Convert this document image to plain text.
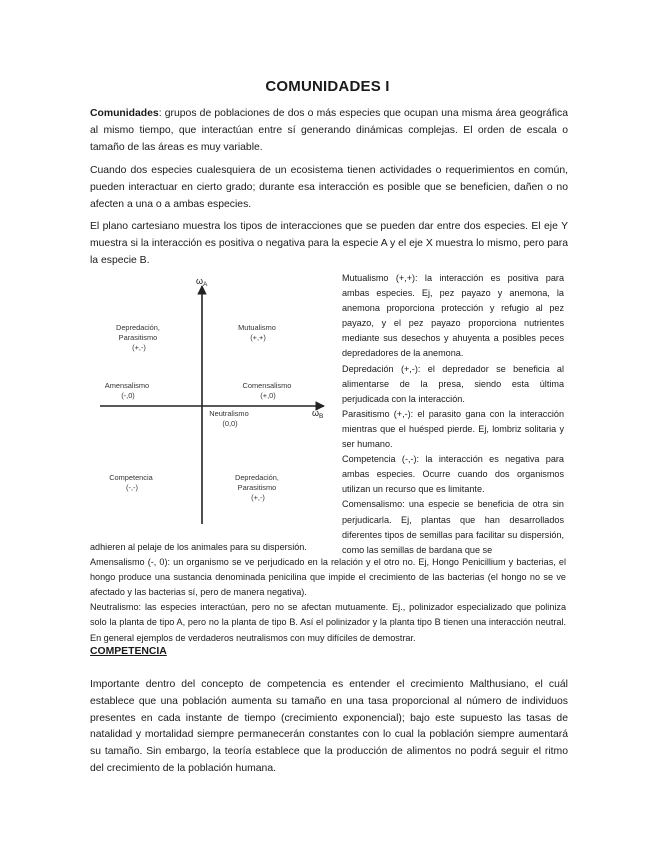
COMUNIDADES I

Comunidades: grupos de poblaciones de dos o más especies que ocupan una misma área geográfica al mismo tiempo, que interactúan entre sí generando dinámicas complejas. El orden de escala o tamaño de las áreas es muy variable.

Cuando dos especies cualesquiera de un ecosistema tienen actividades o requerimientos en común, pueden interactuar en cierto grado; durante esa interacción es posible que se beneficien, dañen o no afecten a una o a ambas especies.

El plano cartesiano muestra los tipos de interacciones que se pueden dar entre dos especies. El eje Y muestra si la interacción es positiva o negativa para la especie A y el eje X muestra lo mismo, pero para la especie B.

$\omega_A$
$\omega_B$
Depredación, Parasitismo (+,-)
Mutualismo (+,+)
Amensalismo (-,0)
Comensalismo (+,0)
Neutralismo (0,0)
Competencia (-,-)
Depredación, Parasitismo (+,-)

Mutualismo (+,+): la interacción es positiva para ambas especies. Ej, pez payazo y anemona, la anemona proporciona protección y refugio al pez payazo, y el pez payazo proporciona nutrientes mediante sus desechos y ahuyenta a posibles peces depredadores de la anemona.

Depredación (+,-): el depredador se beneficia al alimentarse de la presa, siendo esta última perjudicada con la interacción.

Parasitismo (+,-): el parasito gana con la interacción mientras que el huésped pierde. Ej, lombriz solitaria y ser humano.

Competencia (-,-): la interacción es negativa para ambas especies. Ocurre cuando dos organismos utilizan un recurso que es limitante.

Comensalismo: una especie se beneficia de otra sin perjudicarla. Ej, plantas que han desarrollados diferentes tipos de semillas para facilitar su dispersión, como las semillas de bardana que se

adhieren al pelaje de los animales para su dispersión.

Amensalismo (-, 0): un organismo se ve perjudicado en la relación y el otro no. Ej, Hongo Penicillium y bacterias, el hongo produce una sustancia denominada penicilina que impide el crecimiento de las bacterias (el hongo no se ve afectado y las bacterias sí, pero de manera negativa).

Neutralismo: las especies interactúan, pero no se afectan mutuamente. Ej., polinizador especializado que poliniza solo la planta de tipo A, pero no la planta de tipo B. Así el polinizador y la planta tipo B tienen una interacción neutral. En general ejemplos de verdaderos neutralismos con muy difíciles de demostrar.

COMPETENCIA

Importante dentro del concepto de competencia es entender el crecimiento Malthusiano, el cuál establece que una población aumenta su tamaño en una tasa proporcional al número de individuos presentes en cada instante de tiempo (crecimiento exponencial); bajo este supuesto las tasas de natalidad y mortalidad siempre permanecerán constantes con lo cual la población siempre aumentará su tamaño. Sin embargo, la teoría establece que la producción de alimentos no podrá seguir el ritmo del crecimiento de la población humana.
